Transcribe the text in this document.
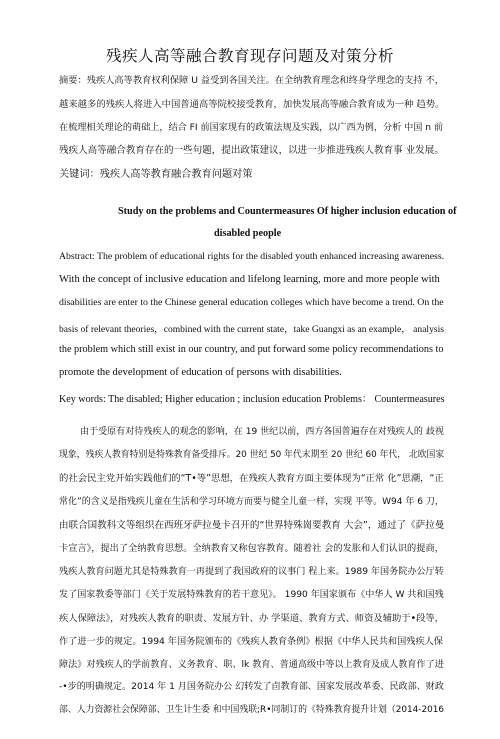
残疾人高等融合教育现存问题及对策分析
摘要：残疾人高等教育权利保障 U 益受到各国关注。在全纳教育理念和终身学理念的支持 不，
越来越多的残疾人将进入中国普通高等院校接受教育，加快发展高等融合教育成为一种 趋势。
在梳理相关理论的萌础上，结合 FI 前国家现有的政策法规及实践，以广西为例，分析 中国 n 前
残疾人高等融合教育存在的一些句题，提出政策建议，以进一步推进残疾人教育事 业发展。
关键词：残疾人高等教育融合教育问题对策
Study on the problems and Countermeasures Of higher inclusion education of
disabled people
Abstract: The problem of educational rights for the disabled youth enhanced increasing awareness.
With the concept of inclusive education and lifelong learning, more and more people with
disabilities are enter to the Chinese general education colleges which have become a trend. On the
basis of relevant theories，combined with the current state，take Guangxi as an example， analysis
the problem which still exist in our country, and put forward some policy recommendations to
promote the development of education of persons with disabilities.
Key words: The disabled; Higher education ; inclusion education Problems： Countermeasures
由于受原有对待残疾人的观念的影响，在 19 世纪以前，西方各国普遍存在对残疾人的 歧视
现象，残疾人教育特别是特殊教育备受排斥。20 世纪 50 年代末期至 20 世纪 60 年代， 北欧国家
的社会民主党开始实践他们的“T•等”思想，在残疾人教育方面主要体现为“正常 化”思潮，“正
常化”的含义是指残疾儿童在生活和学习环境方而要与健全儿童一样，实现 平等。W94 年 6 刀，
由联合国教科文等组织在西班牙萨拉曼卡召开的“世界特殊崗要教育 大会”，通过了《萨拉曼
卡宣言》，提出了全纳教育思想。全纳教育又称包容教育。随着社 会的发胀和人们认识的提商，
残疾人教育问题尤其是特殊教育一再提到了我国政府的议事门 程上来。1989 年国务院办公厅转
发了国家教委等部门《关于发展特殊教育的若干意见》。 1990 年国家颁布《中华人 W 共和国残
疾人保障法》，对残疾人教育的职责、发展方针、办 学渠道、教育方式、师资及辅助于•段等，
作了进一步的规定。1994 年国务院颁布的《残疾人教育条例》根据《中华人民共和国残疾人保
障法》对残疾人的学前教育、义务教育、职、lk 教育、普通高级中等以上教育及成人教育作了进
-•步的明确规定。2014 年 1 月国务院办公 幻转发了卣教育部、国家发展改革委、民政部、财政
部、人力资源社会保障部、卫生计生委 和中国残联;R•同制订的《特殊教育提升计划（2014-2016
